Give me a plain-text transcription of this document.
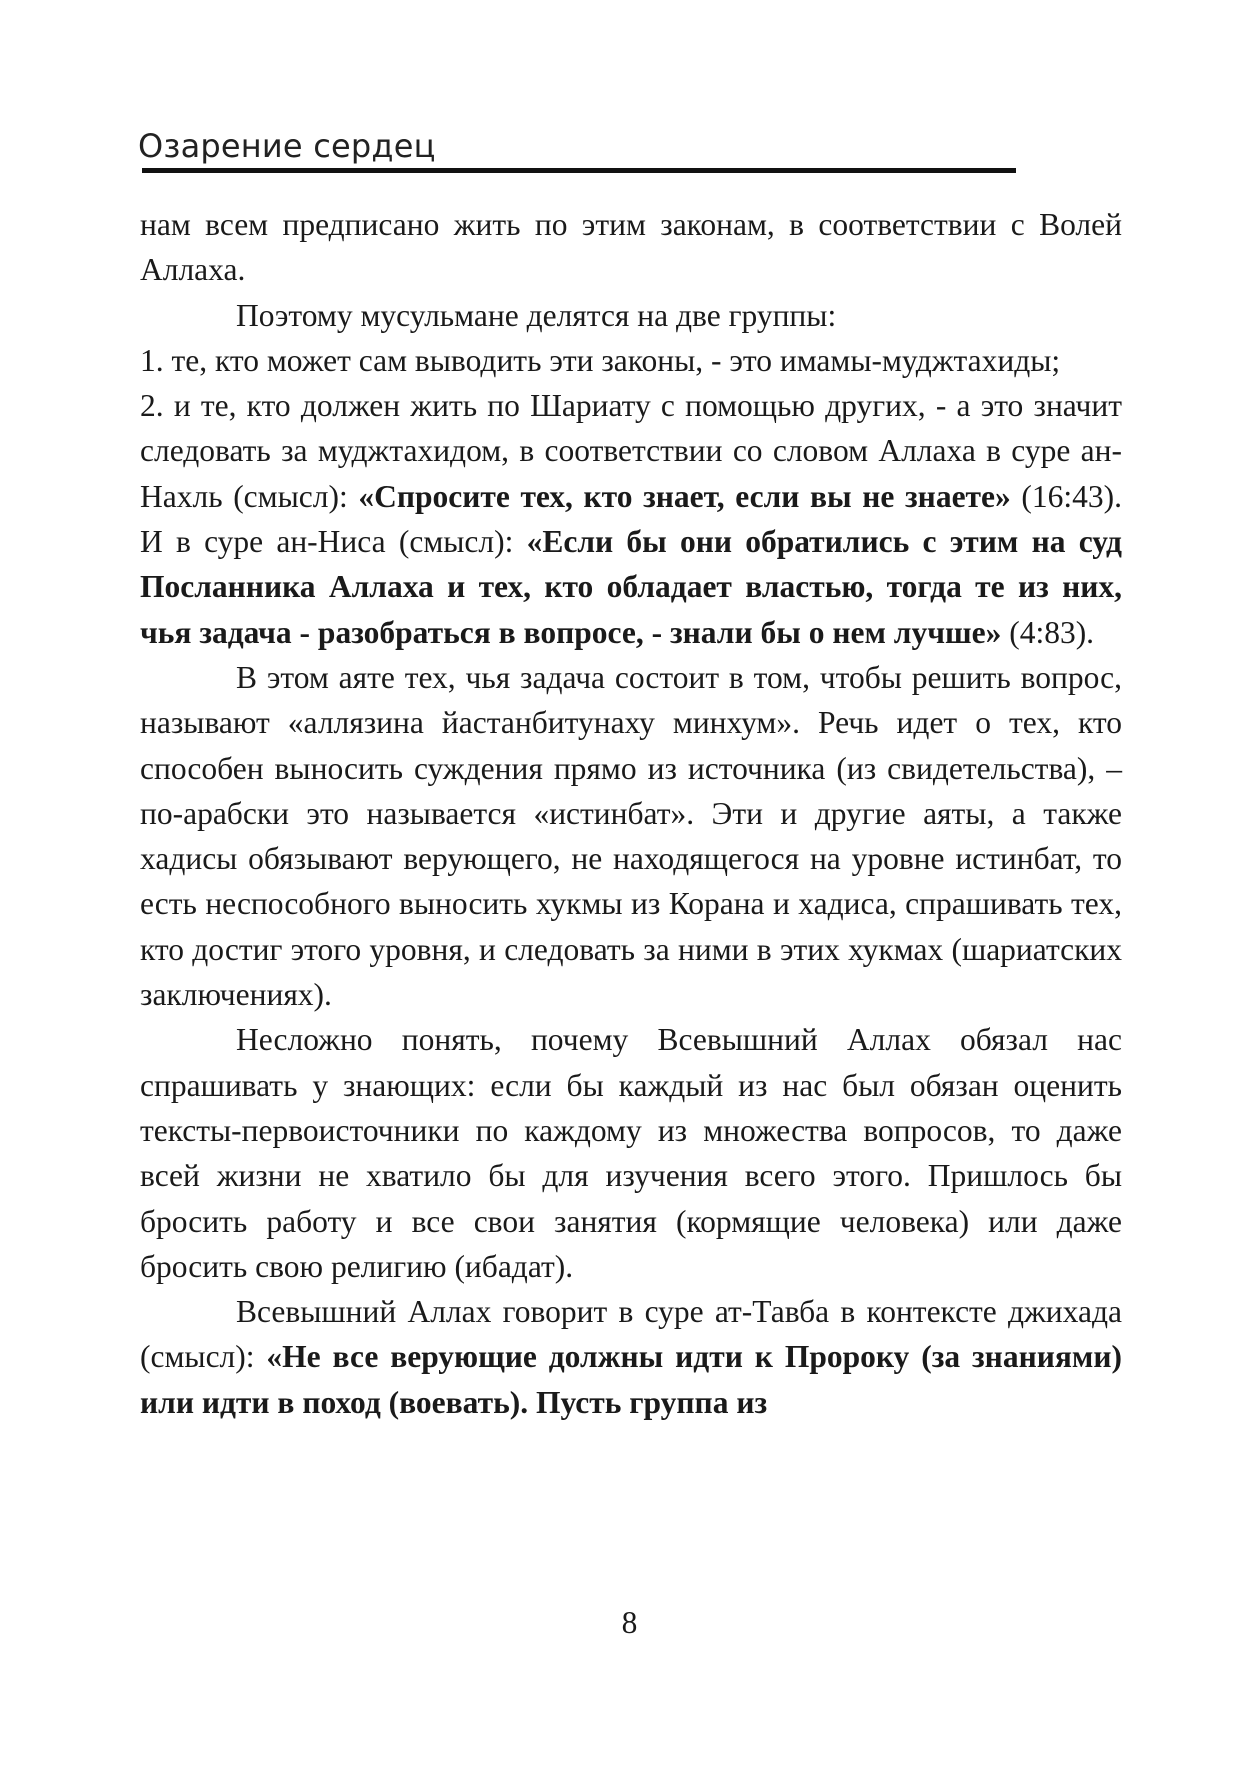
Озарение сердец

нам всем предписано жить по этим законам, в соответствии с Волей Аллаха.

Поэтому мусульмане делятся на две группы:

1. те, кто может сам выводить эти законы, - это имамы-муджтахиды;

2. и те, кто должен жить по Шариату с помощью других, - а это значит следовать за муджтахидом, в соответствии со словом Аллаха в суре ан-Нахль (смысл): «Спросите тех, кто знает, если вы не знаете» (16:43). И в суре ан-Ниса (смысл): «Если бы они обратились с этим на суд Посланника Аллаха и тех, кто обладает властью, тогда те из них, чья задача - разобраться в вопросе, - знали бы о нем лучше» (4:83).

В этом аяте тех, чья задача состоит в том, чтобы решить вопрос, называют «аллязина йастанбитунаху минхум». Речь идет о тех, кто способен выносить суждения прямо из источника (из свидетельства), – по-арабски это называется «истинбат». Эти и другие аяты, а также хадисы обязывают верующего, не находящегося на уровне истинбат, то есть неспособного выносить хукмы из Корана и хадиса, спрашивать тех, кто достиг этого уровня, и следовать за ними в этих хукмах (шариатских заключениях).

Несложно понять, почему Всевышний Аллах обязал нас спрашивать у знающих: если бы каждый из нас был обязан оценить тексты-первоисточники по каждому из множества вопросов, то даже всей жизни не хватило бы для изучения всего этого. Пришлось бы бросить работу и все свои занятия (кормящие человека) или даже бросить свою религию (ибадат).

Всевышний Аллах говорит в суре ат-Тавба в контексте джихада (смысл): «Не все верующие должны идти к Пророку (за знаниями) или идти в поход (воевать). Пусть группа из

8
